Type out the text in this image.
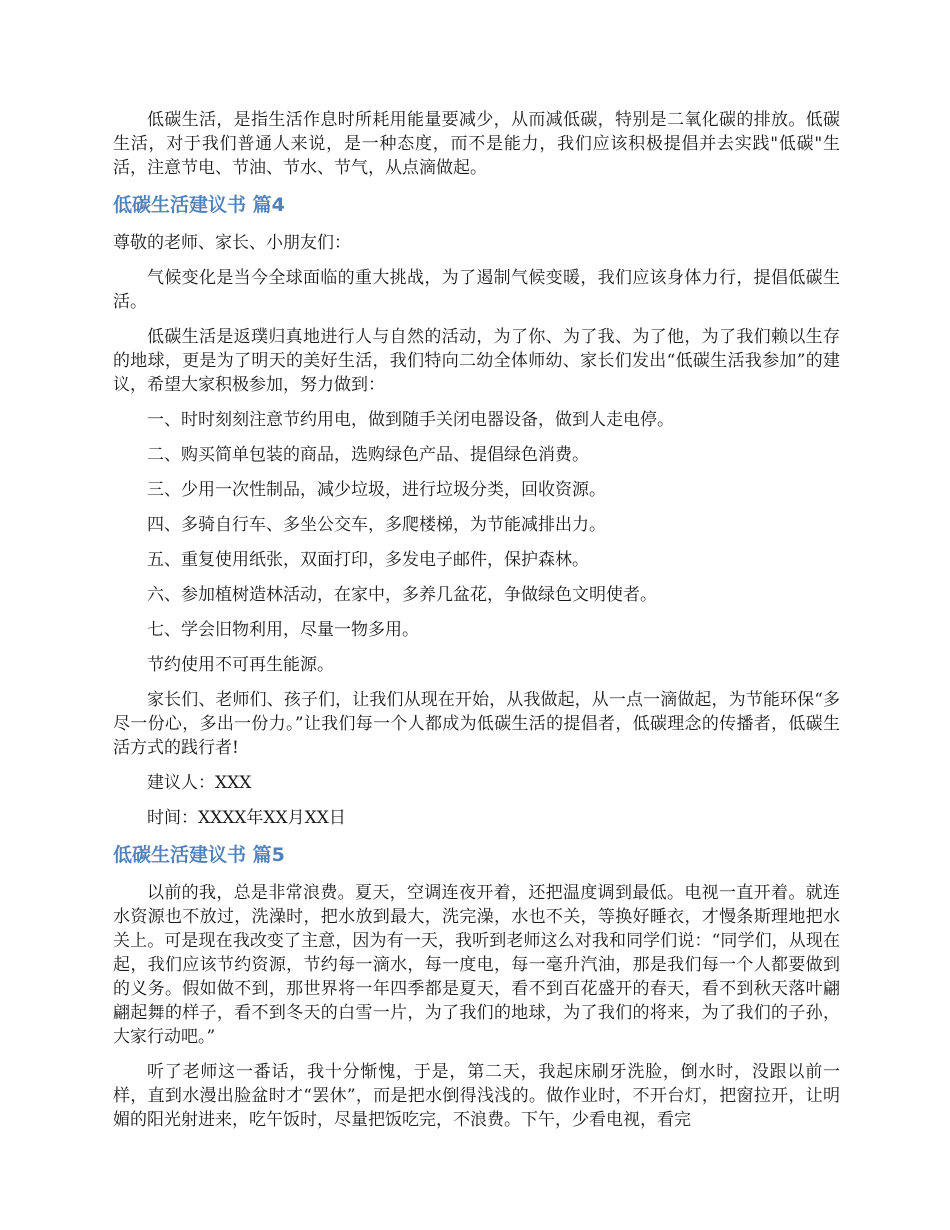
低碳生活，是指生活作息时所耗用能量要减少，从而减低碳，特别是二氧化碳的排放。低碳生活，对于我们普通人来说，是一种态度，而不是能力，我们应该积极提倡并去实践"低碳"生活，注意节电、节油、节水、节气，从点滴做起。

低碳生活建议书 篇4

尊敬的老师、家长、小朋友们：

气候变化是当今全球面临的重大挑战，为了遏制气候变暖，我们应该身体力行，提倡低碳生活。

低碳生活是返璞归真地进行人与自然的活动，为了你、为了我、为了他，为了我们赖以生存的地球，更是为了明天的美好生活，我们特向二幼全体师幼、家长们发出“低碳生活我参加”的建议，希望大家积极参加，努力做到：

一、时时刻刻注意节约用电，做到随手关闭电器设备，做到人走电停。

二、购买简单包装的商品，选购绿色产品、提倡绿色消费。

三、少用一次性制品，减少垃圾，进行垃圾分类，回收资源。

四、多骑自行车、多坐公交车，多爬楼梯，为节能减排出力。

五、重复使用纸张，双面打印，多发电子邮件，保护森林。

六、参加植树造林活动，在家中，多养几盆花，争做绿色文明使者。

七、学会旧物利用，尽量一物多用。

节约使用不可再生能源。

家长们、老师们、孩子们，让我们从现在开始，从我做起，从一点一滴做起，为节能环保“多尽一份心，多出一份力。”让我们每一个人都成为低碳生活的提倡者，低碳理念的传播者，低碳生活方式的践行者!

建议人：XXX

时间：XXXX年XX月XX日

低碳生活建议书 篇5

以前的我，总是非常浪费。夏天，空调连夜开着，还把温度调到最低。电视一直开着。就连水资源也不放过，洗澡时，把水放到最大，洗完澡，水也不关，等换好睡衣，才慢条斯理地把水关上。可是现在我改变了主意，因为有一天，我听到老师这么对我和同学们说：“同学们，从现在起，我们应该节约资源，节约每一滴水，每一度电，每一毫升汽油，那是我们每一个人都要做到的义务。假如做不到，那世界将一年四季都是夏天，看不到百花盛开的春天，看不到秋天落叶翩翩起舞的样子，看不到冬天的白雪一片，为了我们的地球，为了我们的将来，为了我们的子孙，大家行动吧。”

听了老师这一番话，我十分惭愧，于是，第二天，我起床刷牙洗脸，倒水时，没跟以前一样，直到水漫出脸盆时才“罢休”，而是把水倒得浅浅的。做作业时，不开台灯，把窗拉开，让明媚的阳光射进来，吃午饭时，尽量把饭吃完，不浪费。下午，少看电视，看完
